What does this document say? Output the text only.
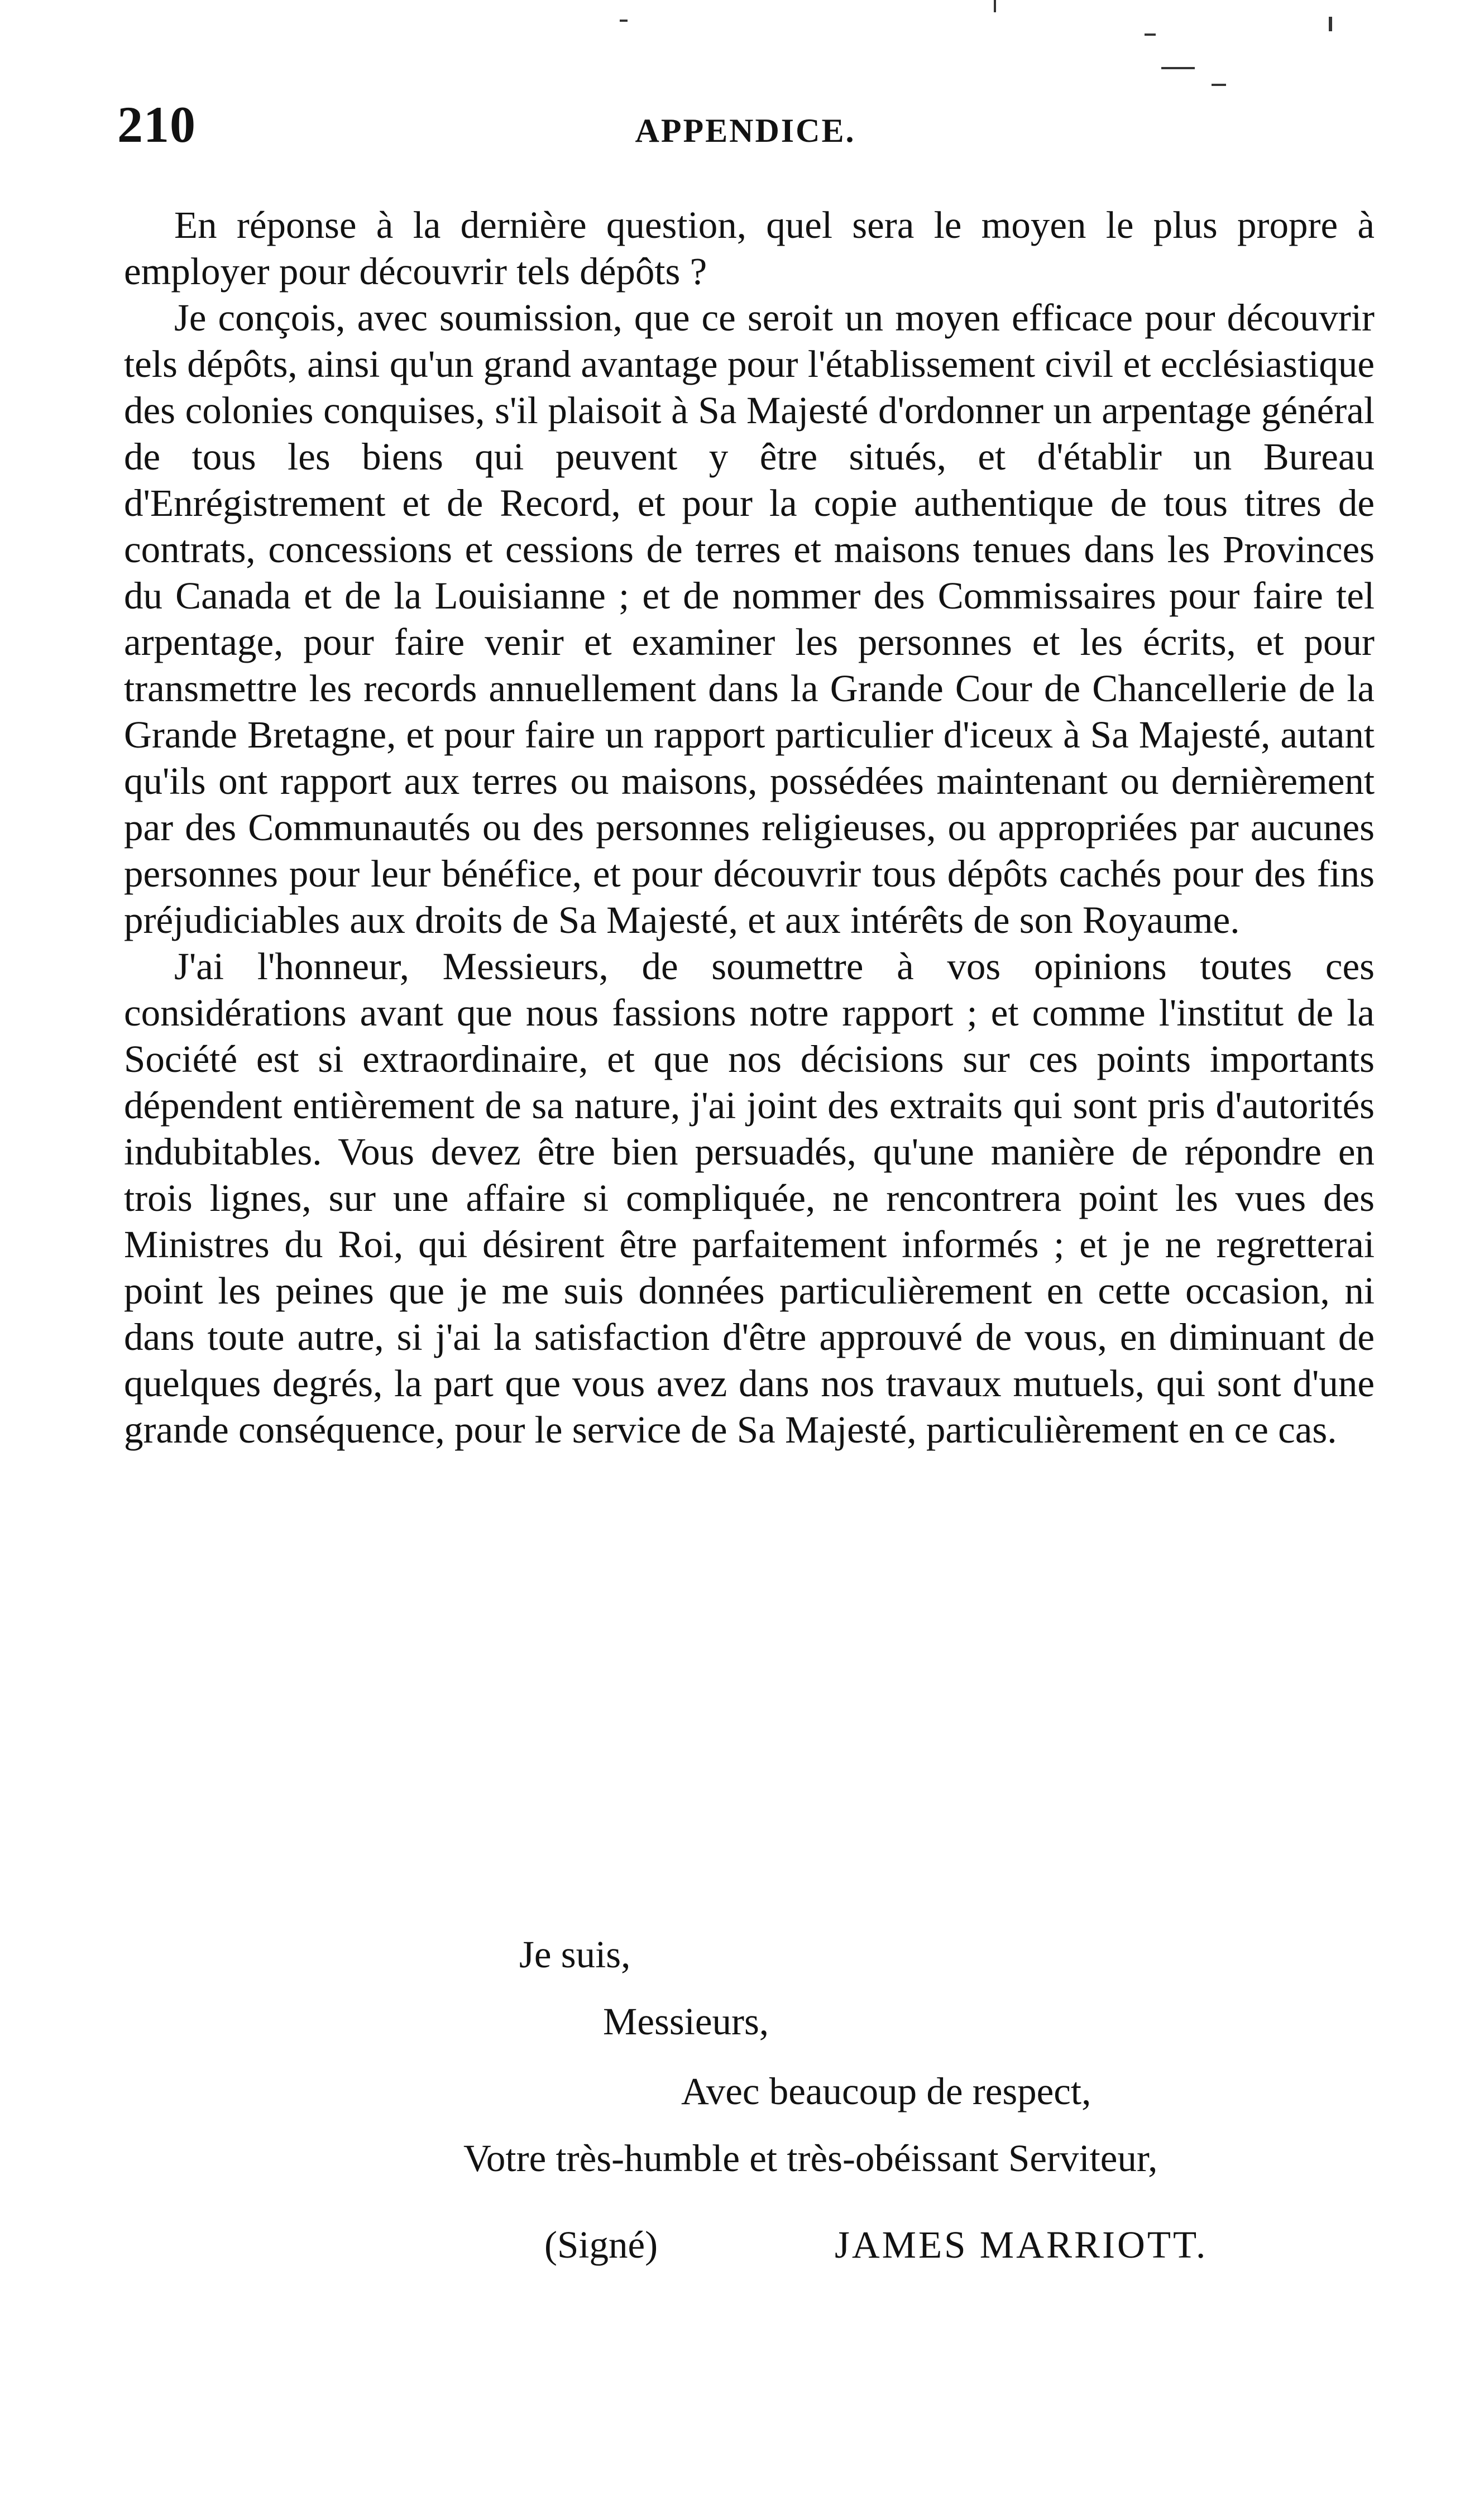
210	APPENDICE.

En réponse à la dernière question, quel sera le moyen le plus propre à employer pour découvrir tels dépôts ?

Je conçois, avec soumission, que ce seroit un moyen efficace pour découvrir tels dépôts, ainsi qu'un grand avantage pour l'établissement civil et ecclésiastique des colonies conquises, s'il plaisoit à Sa Majesté d'ordonner un arpentage général de tous les biens qui peuvent y être situés, et d'établir un Bureau d'Enrégistrement et de Record, et pour la copie authentique de tous titres de contrats, concessions et cessions de terres et maisons tenues dans les Provinces du Canada et de la Louisianne ; et de nommer des Commissaires pour faire tel arpentage, pour faire venir et examiner les personnes et les écrits, et pour transmettre les records annuellement dans la Grande Cour de Chancellerie de la Grande Bretagne, et pour faire un rapport particulier d'iceux à Sa Majesté, autant qu'ils ont rapport aux terres ou maisons, possédées maintenant ou dernièrement par des Communautés ou des personnes religieuses, ou appropriées par aucunes personnes pour leur bénéfice, et pour découvrir tous dépôts cachés pour des fins préjudiciables aux droits de Sa Majesté, et aux intérêts de son Royaume.

J'ai l'honneur, Messieurs, de soumettre à vos opinions toutes ces considérations avant que nous fassions notre rapport ; et comme l'institut de la Société est si extraordinaire, et que nos décisions sur ces points importants dépendent entièrement de sa nature, j'ai joint des extraits qui sont pris d'autorités indubitables. Vous devez être bien persuadés, qu'une manière de répondre en trois lignes, sur une affaire si compliquée, ne rencontrera point les vues des Ministres du Roi, qui désirent être parfaitement informés ; et je ne regretterai point les peines que je me suis données particulièrement en cette occasion, ni dans toute autre, si j'ai la satisfaction d'être approuvé de vous, en diminuant de quelques degrés, la part que vous avez dans nos travaux mutuels, qui sont d'une grande conséquence, pour le service de Sa Majesté, particulièrement en ce cas.

Je suis,
Messieurs,
Avec beaucoup de respect,
Votre très-humble et très-obéissant Serviteur,
(Signé)	JAMES MARRIOTT.
